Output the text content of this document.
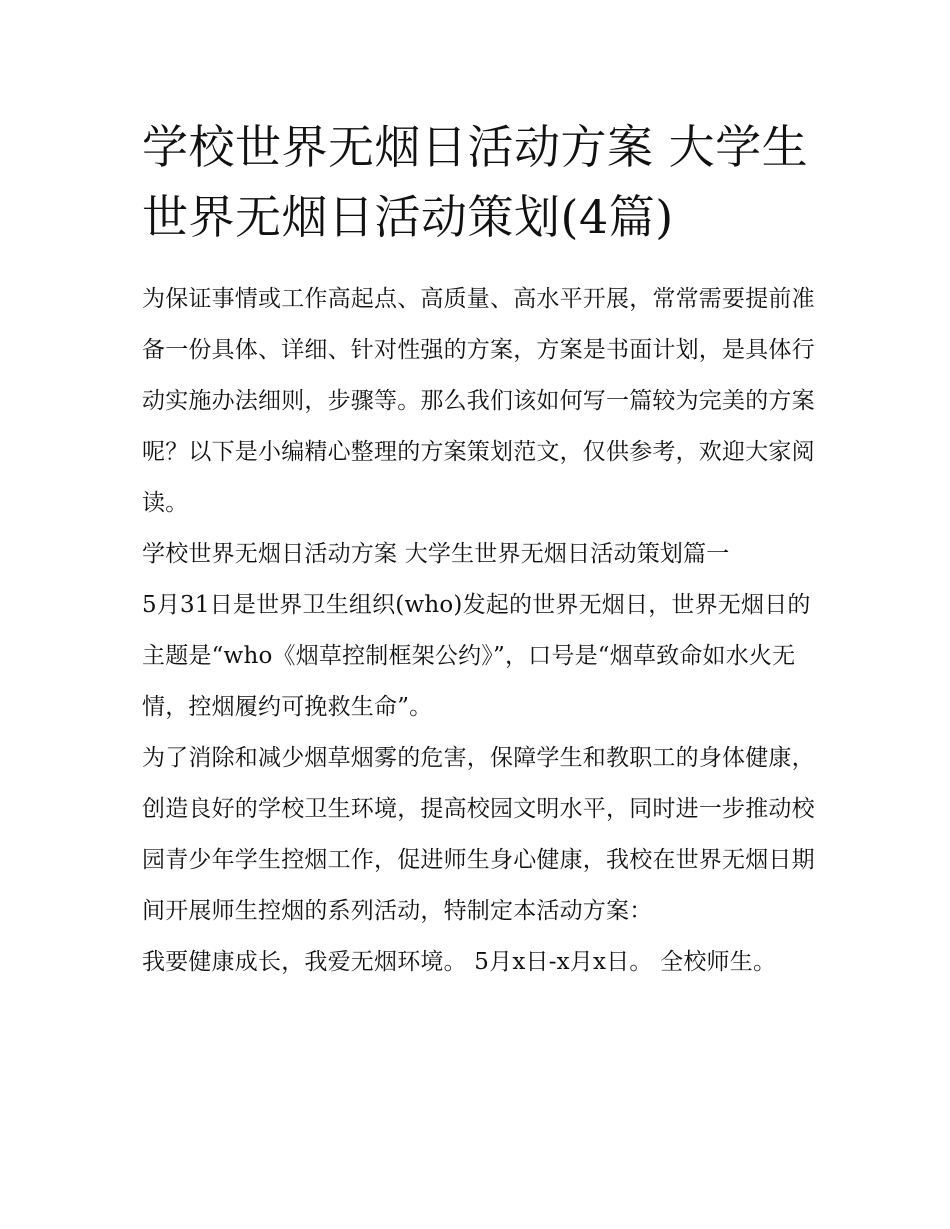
学校世界无烟日活动方案 大学生世界无烟日活动策划(4篇)

为保证事情或工作高起点、高质量、高水平开展，常常需要提前准备一份具体、详细、针对性强的方案，方案是书面计划，是具体行动实施办法细则，步骤等。那么我们该如何写一篇较为完美的方案呢？以下是小编精心整理的方案策划范文，仅供参考，欢迎大家阅读。

学校世界无烟日活动方案 大学生世界无烟日活动策划篇一

5月31日是世界卫生组织(who)发起的世界无烟日，世界无烟日的主题是“who《烟草控制框架公约》”，口号是“烟草致命如水火无情，控烟履约可挽救生命”。

为了消除和减少烟草烟雾的危害，保障学生和教职工的身体健康，创造良好的学校卫生环境，提高校园文明水平，同时进一步推动校园青少年学生控烟工作，促进师生身心健康，我校在世界无烟日期间开展师生控烟的系列活动，特制定本活动方案：

我要健康成长，我爱无烟环境。 5月x日-x月x日。 全校师生。
